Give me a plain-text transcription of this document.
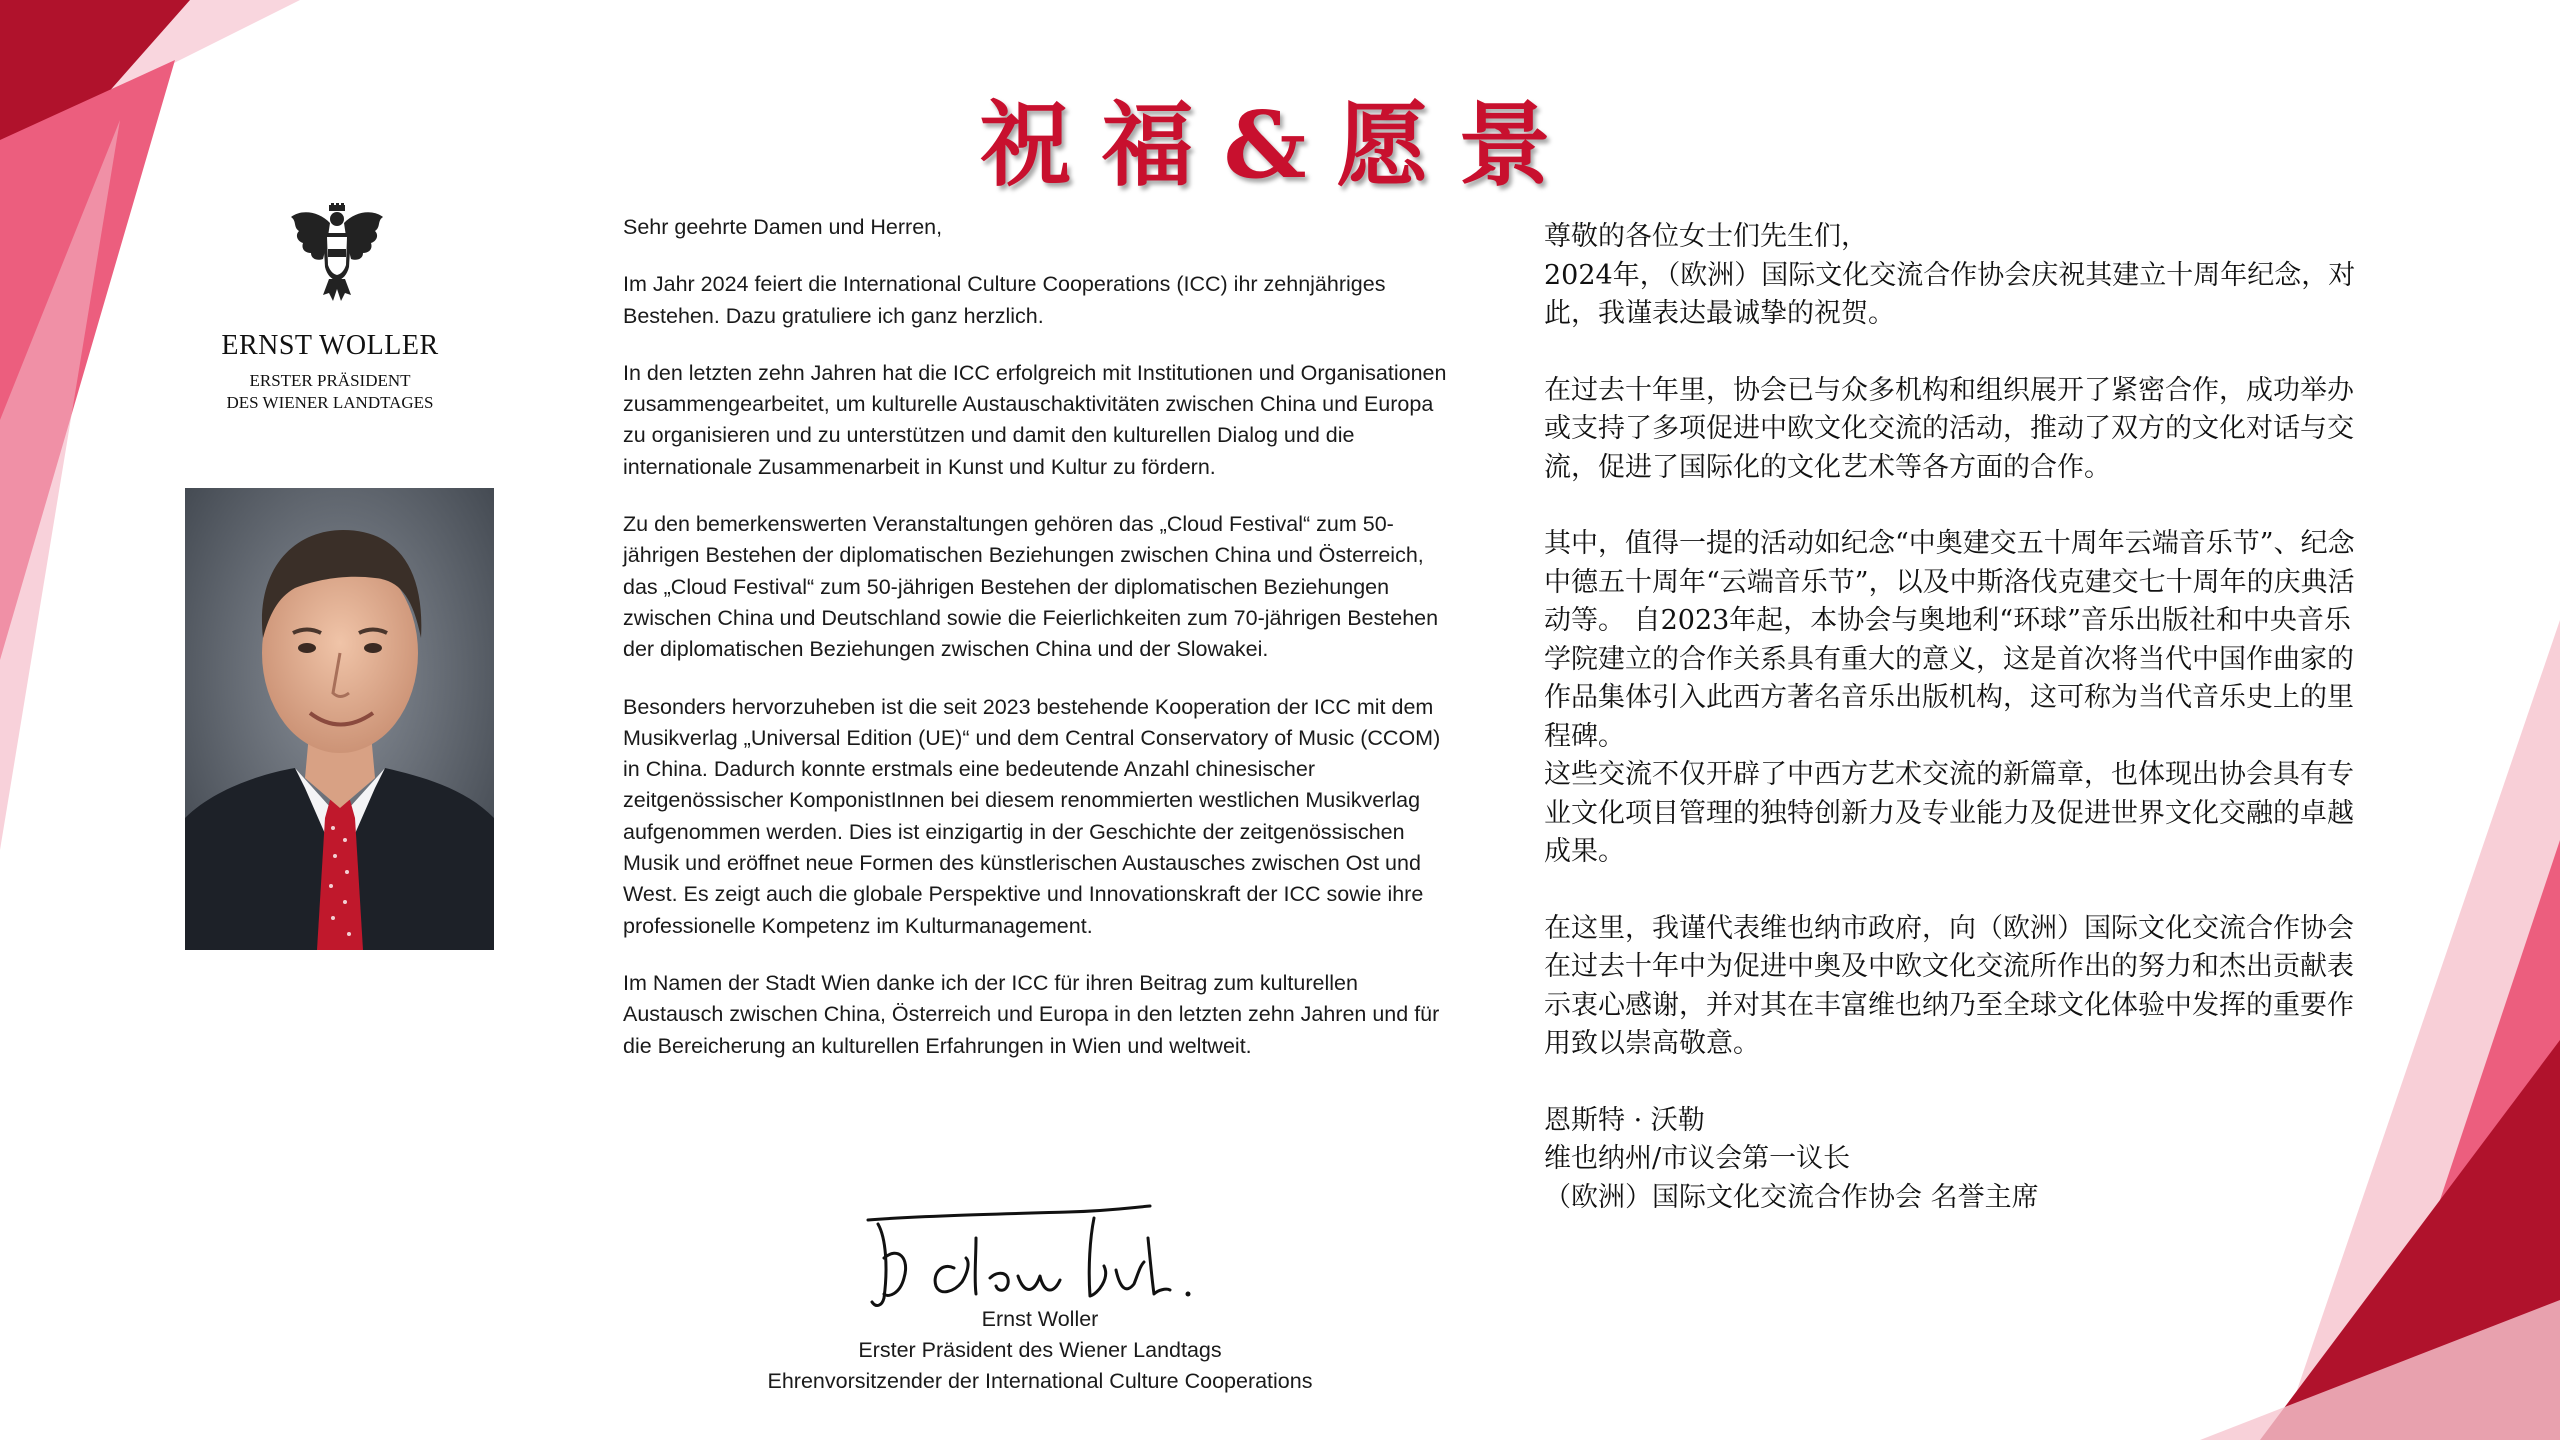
祝福&愿景
ERNST WOLLER
ERSTER PRÄSIDENT
DES WIENER LANDTAGES

Sehr geehrte Damen und Herren,

Im Jahr 2024 feiert die International Culture Cooperations (ICC) ihr zehnjähriges Bestehen. Dazu gratuliere ich ganz herzlich.

In den letzten zehn Jahren hat die ICC erfolgreich mit Institutionen und Organisationen zusammengearbeitet, um kulturelle Austauschaktivitäten zwischen China und Europa zu organisieren und zu unterstützen und damit den kulturellen Dialog und die internationale Zusammenarbeit in Kunst und Kultur zu fördern.

Zu den bemerkenswerten Veranstaltungen gehören das „Cloud Festival“ zum 50-jährigen Bestehen der diplomatischen Beziehungen zwischen China und Österreich, das „Cloud Festival“ zum 50-jährigen Bestehen der diplomatischen Beziehungen zwischen China und Deutschland sowie die Feierlichkeiten zum 70-jährigen Bestehen der diplomatischen Beziehungen zwischen China und der Slowakei.

Besonders hervorzuheben ist die seit 2023 bestehende Kooperation der ICC mit dem Musikverlag „Universal Edition (UE)“ und dem Central Conservatory of Music (CCOM) in China. Dadurch konnte erstmals eine bedeutende Anzahl chinesischer zeitgenössischer KomponistInnen bei diesem renommierten westlichen Musikverlag aufgenommen werden. Dies ist einzigartig in der Geschichte der zeitgenössischen Musik und eröffnet neue Formen des künstlerischen Austausches zwischen Ost und West. Es zeigt auch die globale Perspektive und Innovationskraft der ICC sowie ihre professionelle Kompetenz im Kulturmanagement.

Im Namen der Stadt Wien danke ich der ICC für ihren Beitrag zum kulturellen Austausch zwischen China, Österreich und Europa in den letzten zehn Jahren und für die Bereicherung an kulturellen Erfahrungen in Wien und weltweit.

Ernst Woller
Erster Präsident des Wiener Landtags
Ehrenvorsitzender der International Culture Cooperations

尊敬的各位女士们先生们，

2024年，（欧洲）国际文化交流合作协会庆祝其建立十周年纪念，对此，我谨表达最诚挚的祝贺。

在过去十年里，协会已与众多机构和组织展开了紧密合作，成功举办或支持了多项促进中欧文化交流的活动，推动了双方的文化对话与交流，促进了国际化的文化艺术等各方面的合作。

其中，值得一提的活动如纪念“中奥建交五十周年云端音乐节”、纪念中德五十周年“云端音乐节”，以及中斯洛伐克建交七十周年的庆典活动等。 自2023年起，本协会与奥地利“环球”音乐出版社和中央音乐学院建立的合作关系具有重大的意义，这是首次将当代中国作曲家的作品集体引入此西方著名音乐出版机构，这可称为当代音乐史上的里程碑。

这些交流不仅开辟了中西方艺术交流的新篇章，也体现出协会具有专业文化项目管理的独特创新力及专业能力及促进世界文化交融的卓越成果。

在这里，我谨代表维也纳市政府，向（欧洲）国际文化交流合作协会在过去十年中为促进中奥及中欧文化交流所作出的努力和杰出贡献表示衷心感谢，并对其在丰富维也纳乃至全球文化体验中发挥的重要作用致以崇高敬意。

恩斯特 · 沃勒
维也纳州/市议会第一议长
（欧洲）国际文化交流合作协会 名誉主席
